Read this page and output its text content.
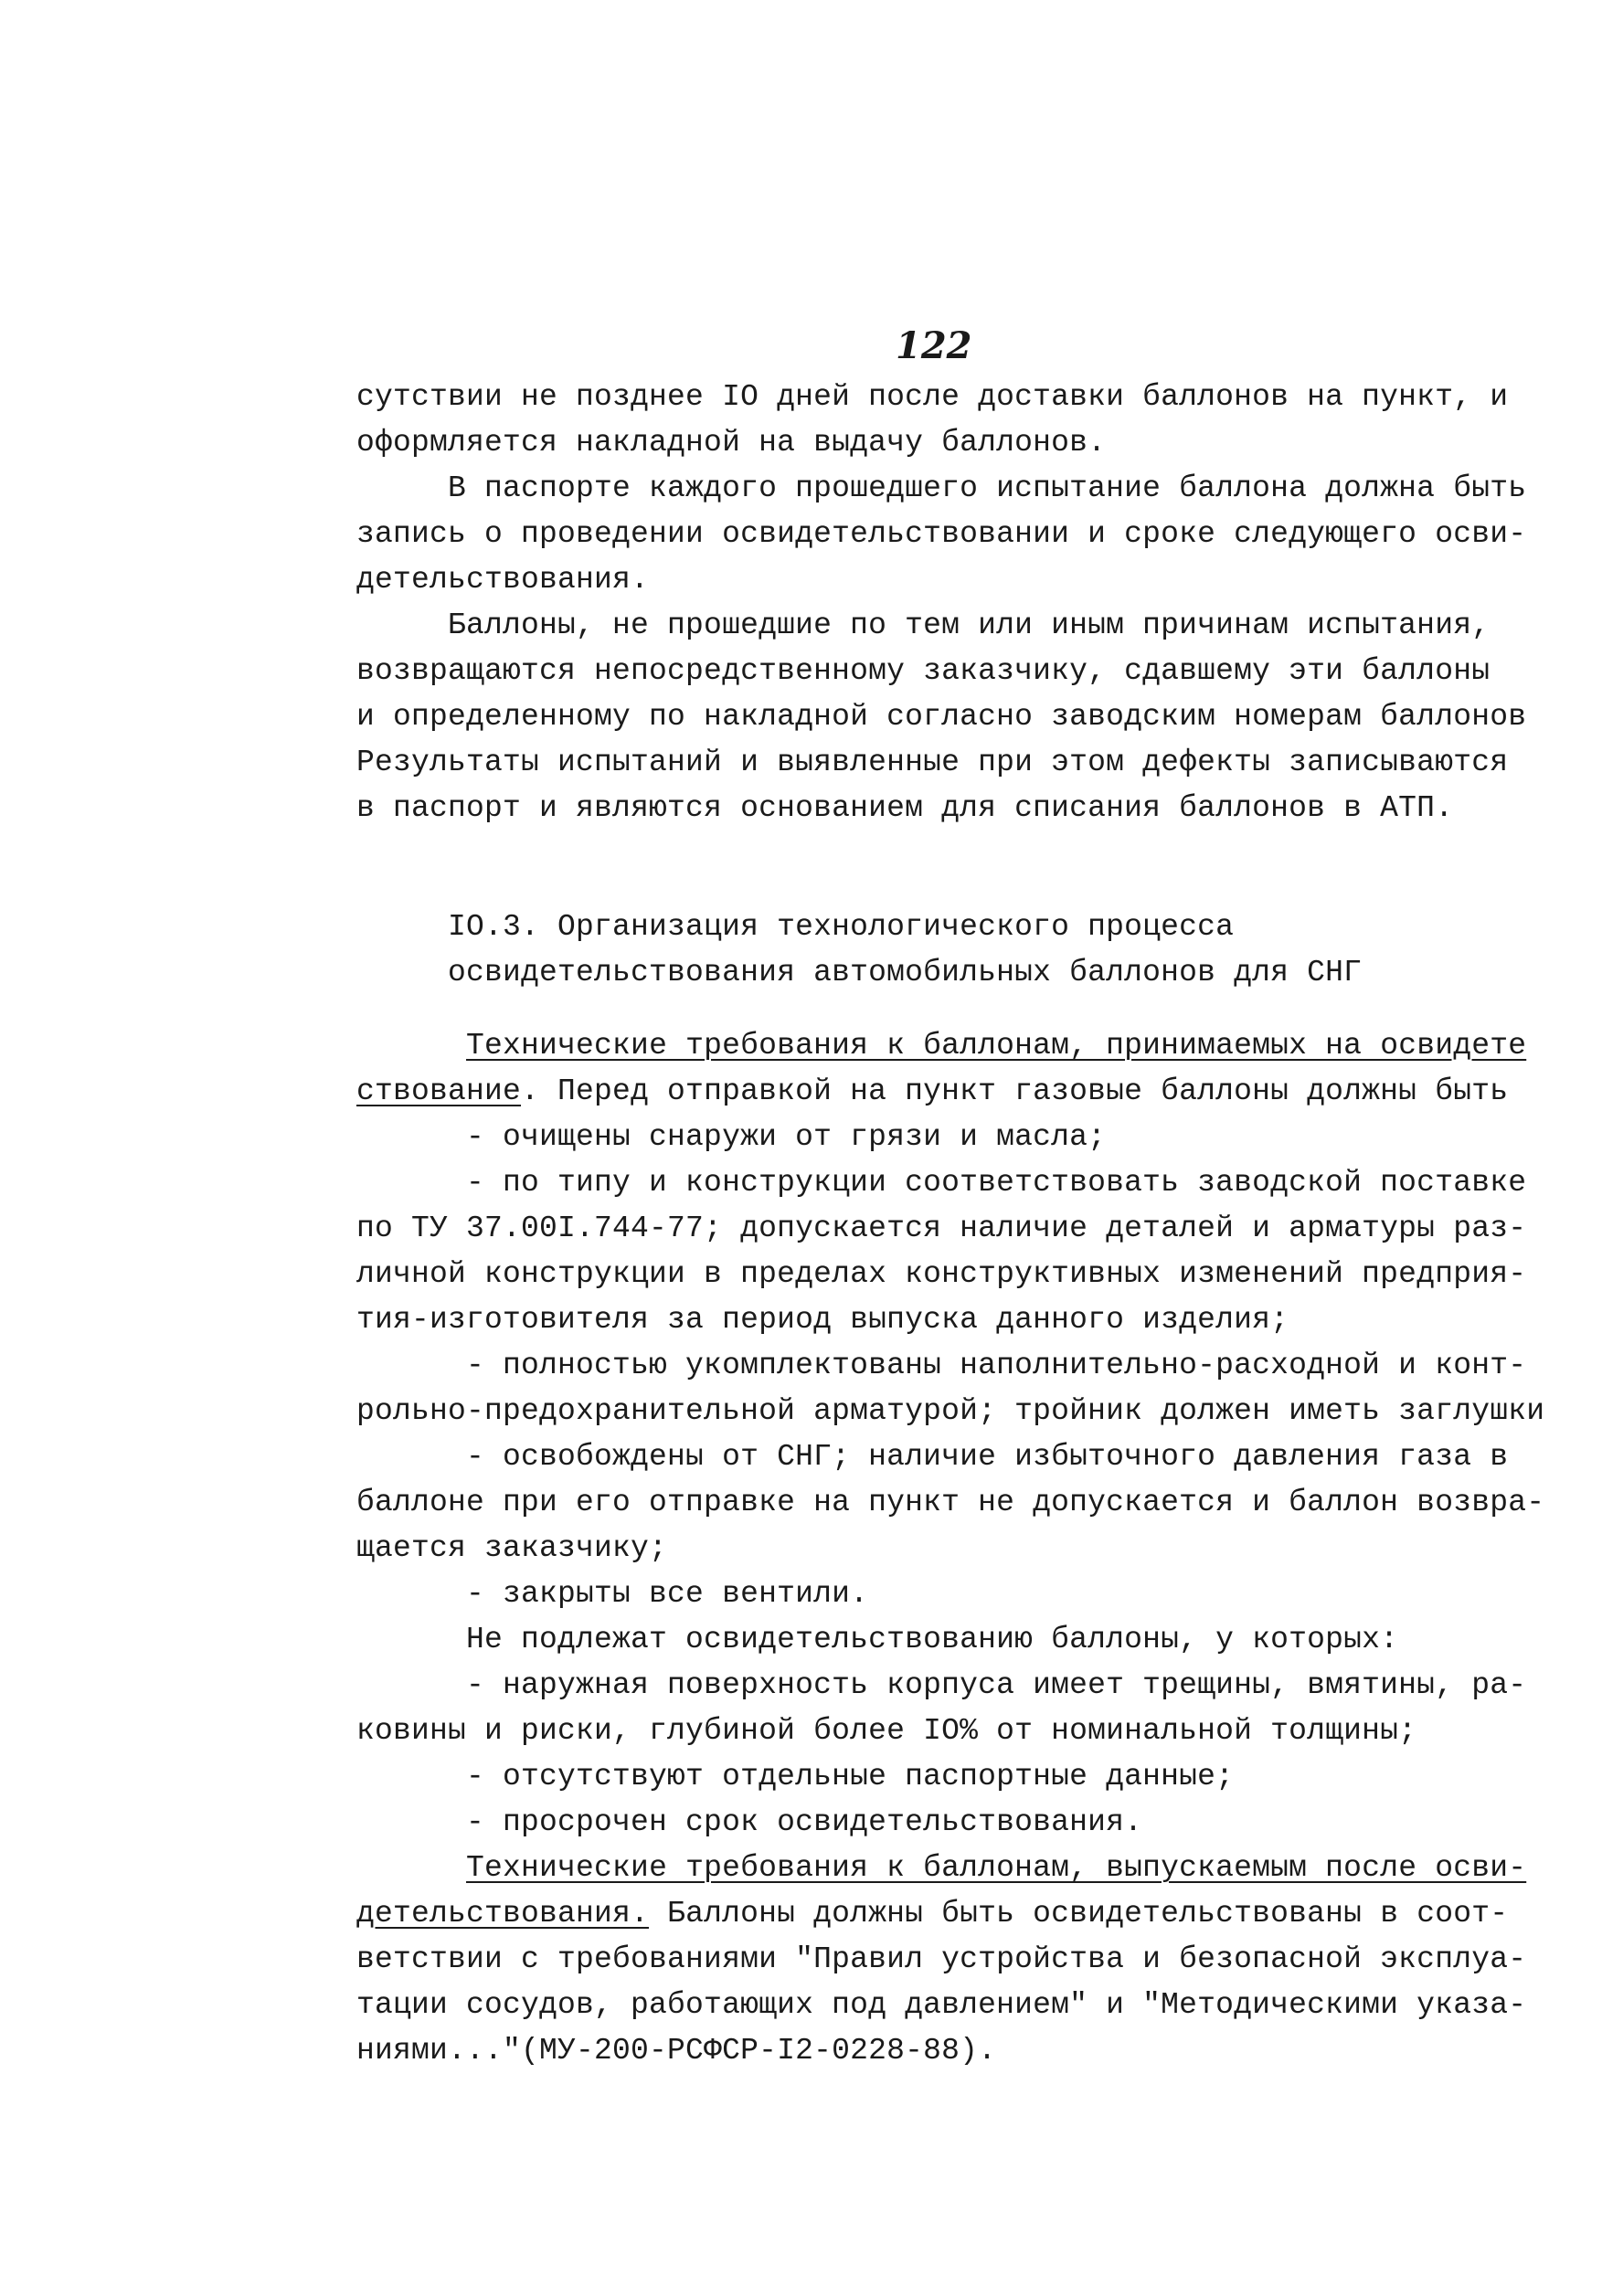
122
сутствии не позднее IO дней после доставки баллонов на пункт, и
оформляется накладной на выдачу баллонов.
В паспорте каждого прошедшего испытание баллона должна быть
запись о проведении освидетельствовании и сроке следующего осви-
детельствования.
Баллоны, не прошедшие по тем или иным причинам испытания,
возвращаются непосредственному заказчику, сдавшему эти баллоны
и определенному по накладной согласно заводским номерам баллонов
Результаты испытаний и выявленные при этом дефекты записываются
в паспорт и являются основанием для списания баллонов в АТП.
IO.3. Организация технологического процесса
освидетельствования автомобильных баллонов для СНГ
Технические требования к баллонам, принимаемых на освидете
ствование. Перед отправкой на пункт газовые баллоны должны быть
- очищены снаружи от грязи и масла;
- по типу и конструкции соответствовать заводской поставке
по ТУ 37.00I.744-77; допускается наличие деталей и арматуры раз-
личной конструкции в пределах конструктивных изменений предприя-
тия-изготовителя за период выпуска данного изделия;
- полностью укомплектованы наполнительно-расходной и конт-
рольно-предохранительной арматурой; тройник должен иметь заглушки
- освобождены от СНГ; наличие избыточного давления газа в
баллоне при его отправке на пункт не допускается и баллон возвра-
щается заказчику;
- закрыты все вентили.
Не подлежат освидетельствованию баллоны, у которых:
- наружная поверхность корпуса имеет трещины, вмятины, ра-
ковины и риски, глубиной более IO% от номинальной толщины;
- отсутствуют отдельные паспортные данные;
- просрочен срок освидетельствования.
Технические требования к баллонам, выпускаемым после осви-
детельствования. Баллоны должны быть освидетельствованы в соот-
ветствии с требованиями "Правил устройства и безопасной эксплуа-
тации сосудов, работающих под давлением" и "Методическими указа-
ниями..."(МУ-200-РСФСР-I2-0228-88).
